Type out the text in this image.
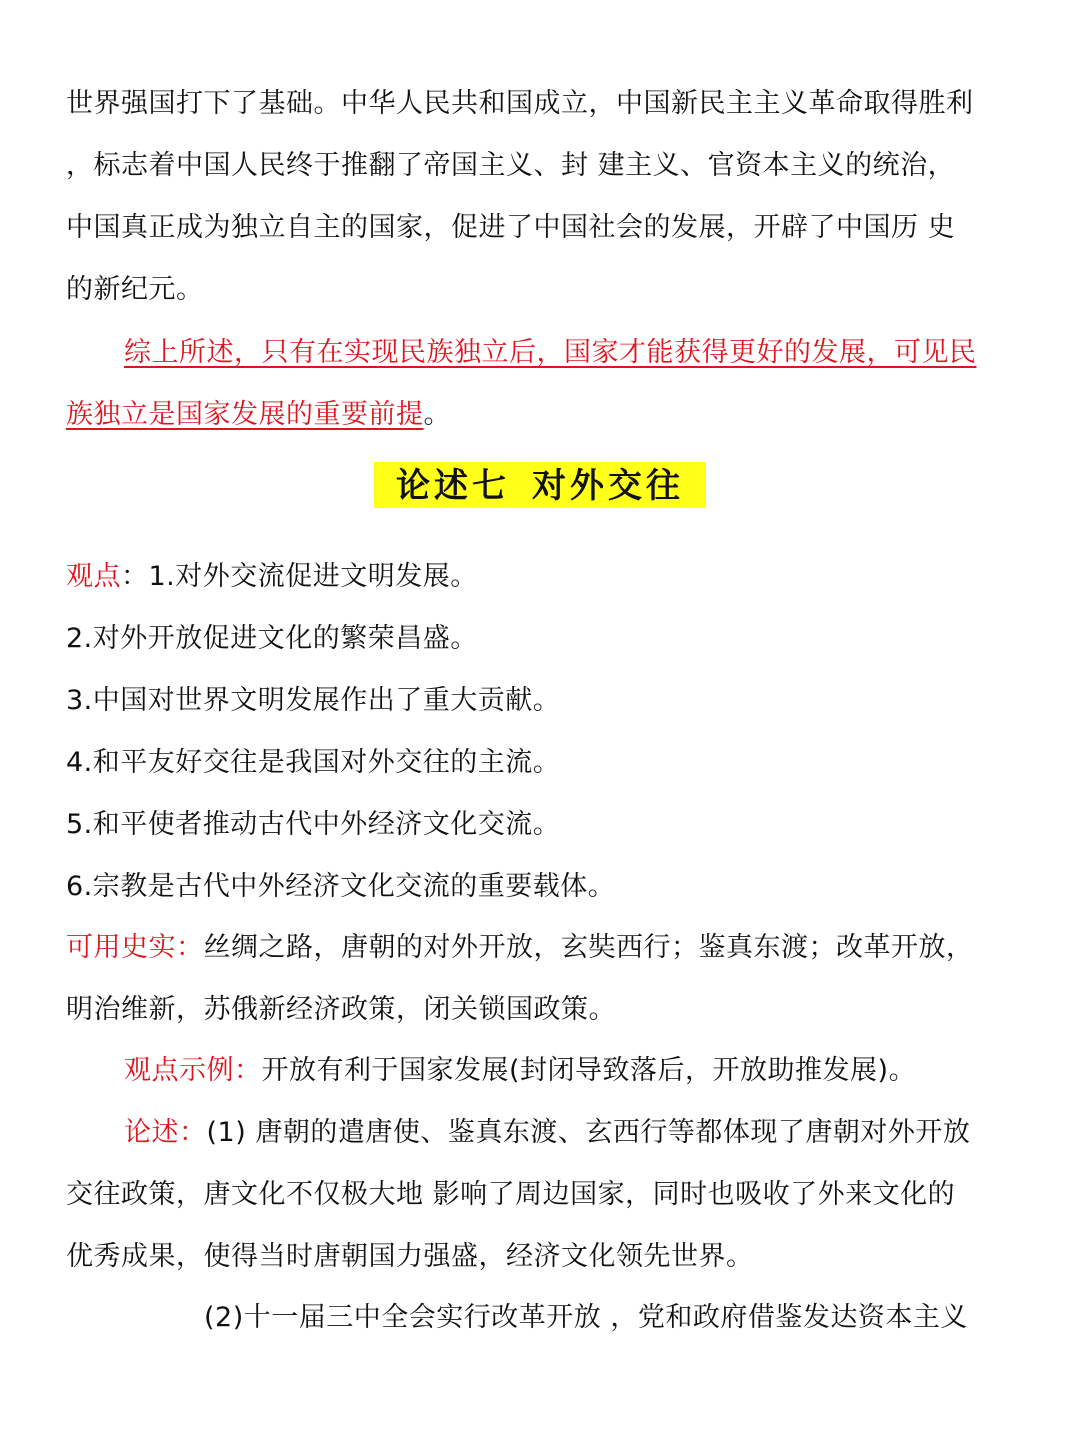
世界强国打下了基础。中华人民共和国成立，中国新民主主义革命取得胜利
，标志着中国人民终于推翻了帝国主义、封 建主义、官资本主义的统治，
中国真正成为独立自主的国家，促进了中国社会的发展，开辟了中国历 史
的新纪元。
综上所述，只有在实现民族独立后，国家才能获得更好的发展，可见民
族独立是国家发展的重要前提。
论述七 对外交往
观点：1.对外交流促进文明发展。
2.对外开放促进文化的繁荣昌盛。
3.中国对世界文明发展作出了重大贡献。
4.和平友好交往是我国对外交往的主流。
5.和平使者推动古代中外经济文化交流。
6.宗教是古代中外经济文化交流的重要载体。
可用史实：丝绸之路，唐朝的对外开放，玄奘西行；鉴真东渡；改革开放，
明治维新，苏俄新经济政策，闭关锁国政策。
观点示例：开放有利于国家发展(封闭导致落后，开放助推发展)。
论述：(1) 唐朝的遣唐使、鉴真东渡、玄西行等都体现了唐朝对外开放
交往政策，唐文化不仅极大地 影响了周边国家，同时也吸收了外来文化的
优秀成果，使得当时唐朝国力强盛，经济文化领先世界。
(2)十一届三中全会实行改革开放 ，党和政府借鉴发达资本主义
